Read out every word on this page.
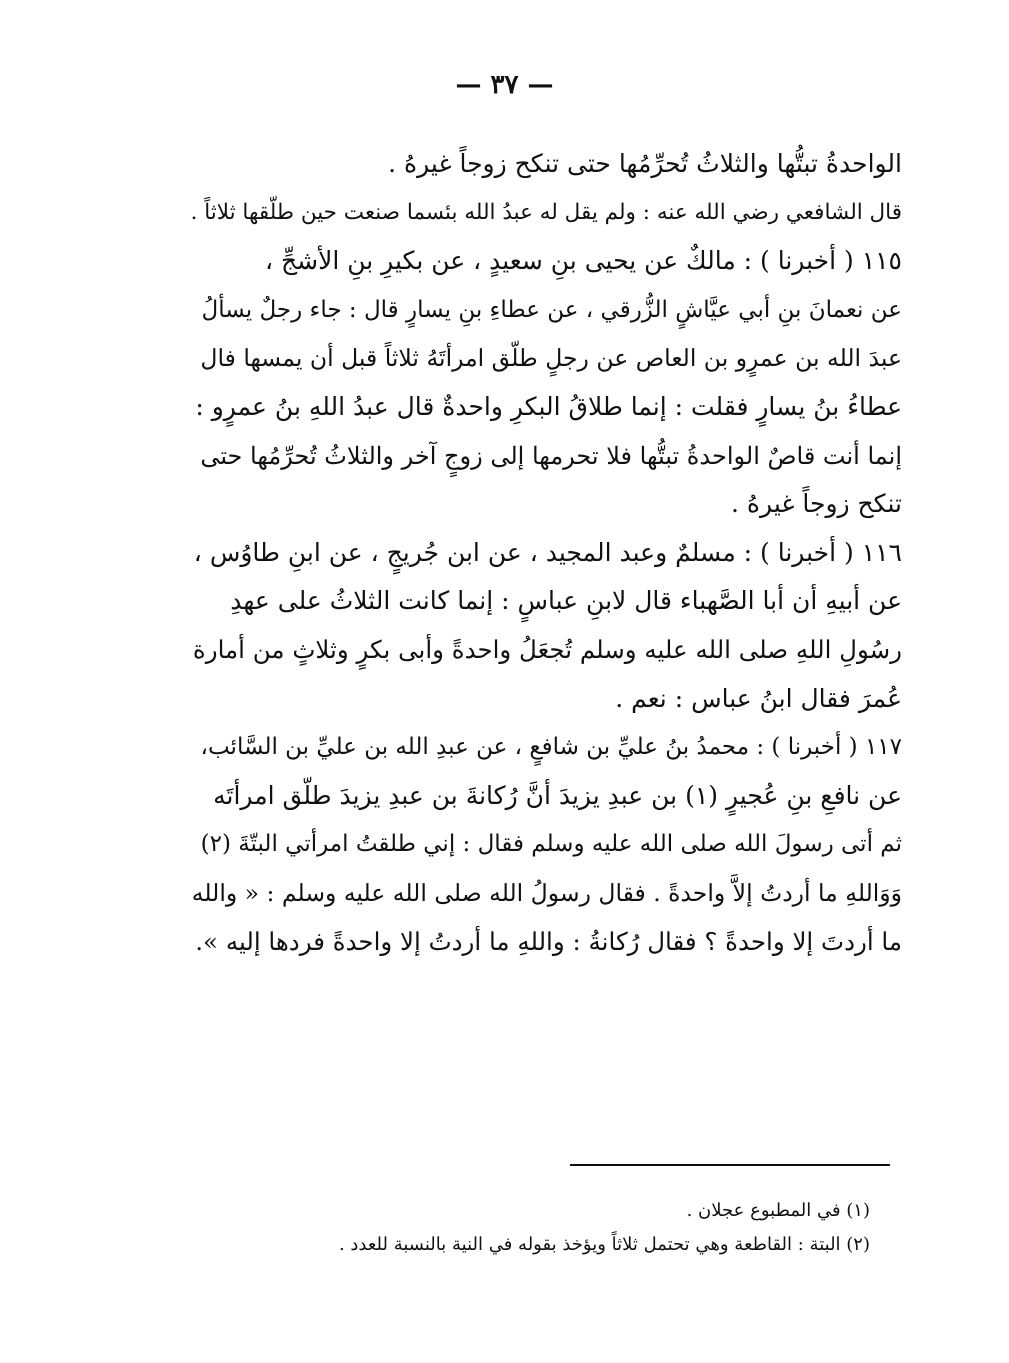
— ٣٧ —
الواحدةُ تبتُّها والثلاثُ تُحرِّمُها حتى تنكح زوجاً غيرهُ .
قال الشافعي رضي الله عنه : ولم يقل له عبدُ الله بئسما صنعت حين طلّقها ثلاثاً .
١١٥ ( أخبرنا ) : مالكٌ عن يحيى بنِ سعيدٍ ، عن بكيرِ بنِ الأشجِّ ،
عن نعمانَ بنِ أبي عيَّاشٍ الزُّرقي ، عن عطاءِ بنِ يسارٍ قال : جاء رجلٌ يسألُ
عبدَ الله بن عمرٍو بن العاص عن رجلٍ طلّق امرأتَهُ ثلاثاً قبل أن يمسها فال
عطاءُ بنُ يسارٍ فقلت : إنما طلاقُ البكرِ واحدةٌ قال عبدُ اللهِ بنُ عمرٍو :
إنما أنت قاصٌ الواحدةُ تبتُّها فلا تحرمها إلى زوجٍ آخر والثلاثُ تُحرِّمُها حتى
تنكح زوجاً غيرهُ .
١١٦ ( أخبرنا ) : مسلمٌ وعبد المجيد ، عن ابن جُريجٍ ، عن ابنِ طاوُس ،
عن أبيهِ أن أبا الصَّهباء قال لابنِ عباسٍ : إنما كانت الثلاثُ على عهدِ
رسُولِ اللهِ صلى الله عليه وسلم تُجعَلُ واحدةً وأبى بكرٍ وثلاثٍ من أمارة
عُمرَ فقال ابنُ عباس : نعم .
١١٧ ( أخبرنا ) : محمدُ بنُ عليِّ بن شافعٍ ، عن عبدِ الله بن عليِّ بن السَّائب،
عن نافعِ بنِ عُجيرٍ (١) بن عبدِ يزيدَ أنَّ رُكانةَ بن عبدِ يزيدَ طلّق امرأتَه
ثم أتى رسولَ الله صلى الله عليه وسلم فقال : إني طلقتُ امرأتي البتّةَ (٢)
وَوَاللهِ ما أردتُ إلاَّ واحدةً . فقال رسولُ الله صلى الله عليه وسلم : « والله
ما أردتَ إلا واحدةً ؟ فقال رُكانةُ : واللهِ ما أردتُ إلا واحدةً فردها إليه ».
(١) في المطبوع عجلان .
(٢) البتة : القاطعة وهي تحتمل ثلاثاً ويؤخذ بقوله في النية بالنسبة للعدد .
